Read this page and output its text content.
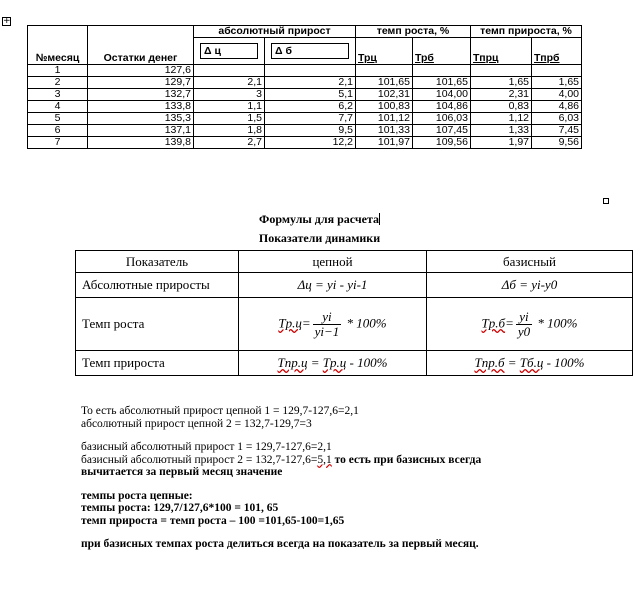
+
№месяц	Остатки денег	абсолютный прирост		темп роста, %		темп прироста, %	
		Δ ц	Δ б	Трц	Трб	Тпрц	Тпрб
1	127,6						
2	129,7	2,1	2,1	101,65	101,65	1,65	1,65
3	132,7	3	5,1	102,31	104,00	2,31	4,00
4	133,8	1,1	6,2	100,83	104,86	0,83	4,86
5	135,3	1,5	7,7	101,12	106,03	1,12	6,03
6	137,1	1,8	9,5	101,33	107,45	1,33	7,45
7	139,8	2,7	12,2	101,97	109,56	1,97	9,56
Формулы для расчета
Показатели динамики
Показатель	цепной	базисный
Абсолютные приросты	Δц = yi - yi-1	Δб = yi-y0
Темп роста	$Tр.ц= \frac{yi}{yi-1} * 100\%$	$Tр.б= \frac{yi}{y0} * 100\%$
Темп прироста	Tпр.ц = Tр.ц - 100%	Tпр.б = Tб.ц - 100%

То есть абсолютный прирост цепной 1 = 129,7-127,6=2,1

абсолютный прирост цепной 2 = 132,7-129,7=3

базисный абсолютный прирост 1 = 129,7-127,6=2,1

базисный абсолютный прирост 2 = 132,7-127,6=5,1 то есть при базисных всегда

вычитается за первый месяц значение

темпы роста цепные:

темпы роста: 129,7/127,6*100 = 101, 65

темп прироста = темп роста – 100 =101,65-100=1,65

при базисных темпах роста делиться всегда на показатель за первый месяц.
